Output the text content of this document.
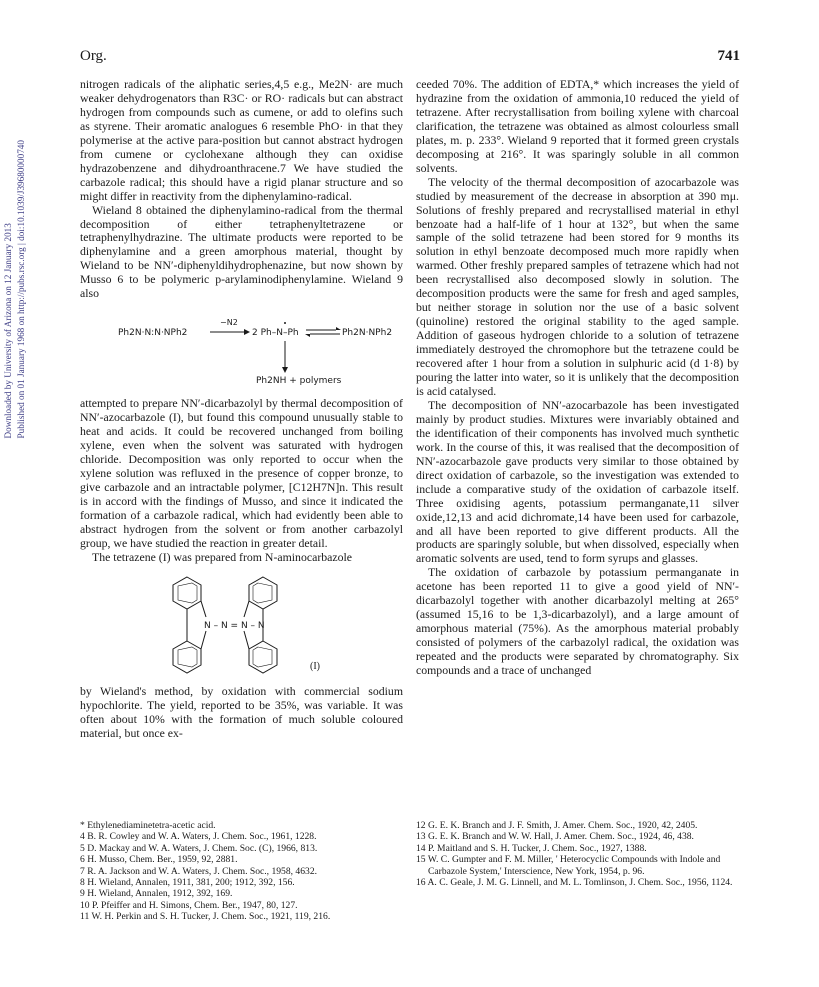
Org.	741
Downloaded by University of Arizona on 12 January 2013 Published on 01 January 1968 on http://pubs.rsc.org | doi:10.1039/J39680000740

nitrogen radicals of the aliphatic series,4,5 e.g., Me2N· are much weaker dehydrogenators than R3C· or RO· radicals but can abstract hydrogen from compounds such as cumene, or add to olefins such as styrene. Their aromatic analogues 6 resemble PhO· in that they polymerise at the active para-position but cannot abstract hydrogen from cumene or cyclohexane although they can oxidise hydrazobenzene and dihydroanthracene.7 We have studied the carbazole radical; this should have a rigid planar structure and so might differ in reactivity from the diphenylamino-radical.

Wieland 8 obtained the diphenylamino-radical from the thermal decomposition of either tetraphenyltetrazene or tetraphenylhydrazine. The ultimate products were reported to be diphenylamine and a green amorphous material, thought by Wieland to be NN′-diphenyldihydrophenazine, but now shown by Musso 6 to be polymeric p-arylaminodiphenylamine. Wieland 9 also

Ph2N·N:N·NPh2
−N2
2 Ph–N–Ph	Ph2N·NPh2
Ph2NH + polymers

attempted to prepare NN′-dicarbazolyl by thermal decomposition of NN′-azocarbazole (I), but found this compound unusually stable to heat and acids. It could be recovered unchanged from boiling xylene, even when the solvent was saturated with hydrogen chloride. Decomposition was only reported to occur when the xylene solution was refluxed in the presence of copper bronze, to give carbazole and an intractable polymer, [C12H7N]n. This result is in accord with the findings of Musso, and since it indicated the formation of a carbazole radical, which had evidently been able to abstract hydrogen from the solvent or from another carbazolyl group, we have studied the reaction in greater detail.

The tetrazene (I) was prepared from N-aminocarbazole

N – N = N – N
(I)

by Wieland's method, by oxidation with commercial sodium hypochlorite. The yield, reported to be 35%, was variable. It was often about 10% with the formation of much soluble coloured material, but once ex-

ceeded 70%. The addition of EDTA,* which increases the yield of hydrazine from the oxidation of ammonia,10 reduced the yield of tetrazene. After recrystallisation from boiling xylene with charcoal clarification, the tetrazene was obtained as almost colourless small plates, m. p. 233°. Wieland 9 reported that it formed green crystals decomposing at 216°. It was sparingly soluble in all common solvents.

The velocity of the thermal decomposition of azocarbazole was studied by measurement of the decrease in absorption at 390 mμ. Solutions of freshly prepared and recrystallised material in ethyl benzoate had a half-life of 1 hour at 132°, but when the same sample of the solid tetrazene had been stored for 9 months its solution in ethyl benzoate decomposed much more rapidly when warmed. Other freshly prepared samples of tetrazene which had not been recrystallised also decomposed slowly in solution. The decomposition products were the same for fresh and aged samples, but neither storage in solution nor the use of a basic solvent (quinoline) restored the original stability to the aged sample. Addition of gaseous hydrogen chloride to a solution of tetrazene immediately destroyed the chromophore but the tetrazene could be recovered after 1 hour from a solution in sulphuric acid (d 1·8) by pouring the latter into water, so it is unlikely that the decomposition is acid catalysed.

The decomposition of NN′-azocarbazole has been investigated mainly by product studies. Mixtures were invariably obtained and the identification of their components has involved much synthetic work. In the course of this, it was realised that the decomposition of NN′-azocarbazole gave products very similar to those obtained by direct oxidation of carbazole, so the investigation was extended to include a comparative study of the oxidation of carbazole itself. Three oxidising agents, potassium permanganate,11 silver oxide,12,13 and acid dichromate,14 have been used for carbazole, and all have been reported to give different products. All the products are sparingly soluble, but when dissolved, especially when aromatic solvents are used, tend to form syrups and glasses.

The oxidation of carbazole by potassium permanganate in acetone has been reported 11 to give a good yield of NN′-dicarbazolyl together with another dicarbazolyl melting at 265° (assumed 15,16 to be 1,3-dicarbazolyl), and a large amount of amorphous material (75%). As the amorphous material probably consisted of polymers of the carbazolyl radical, the oxidation was repeated and the products were separated by chromatography. Six compounds and a trace of unchanged

* Ethylenediaminetetra-acetic acid.

4 B. R. Cowley and W. A. Waters, J. Chem. Soc., 1961, 1228.

5 D. Mackay and W. A. Waters, J. Chem. Soc. (C), 1966, 813.

6 H. Musso, Chem. Ber., 1959, 92, 2881.

7 R. A. Jackson and W. A. Waters, J. Chem. Soc., 1958, 4632.

8 H. Wieland, Annalen, 1911, 381, 200; 1912, 392, 156.

9 H. Wieland, Annalen, 1912, 392, 169.

10 P. Pfeiffer and H. Simons, Chem. Ber., 1947, 80, 127.

11 W. H. Perkin and S. H. Tucker, J. Chem. Soc., 1921, 119, 216.

12 G. E. K. Branch and J. F. Smith, J. Amer. Chem. Soc., 1920, 42, 2405.

13 G. E. K. Branch and W. W. Hall, J. Amer. Chem. Soc., 1924, 46, 438.

14 P. Maitland and S. H. Tucker, J. Chem. Soc., 1927, 1388.

15 W. C. Gumpter and F. M. Miller, ' Heterocyclic Compounds with Indole and Carbazole System,' Interscience, New York, 1954, p. 96.

16 A. C. Geale, J. M. G. Linnell, and M. L. Tomlinson, J. Chem. Soc., 1956, 1124.
